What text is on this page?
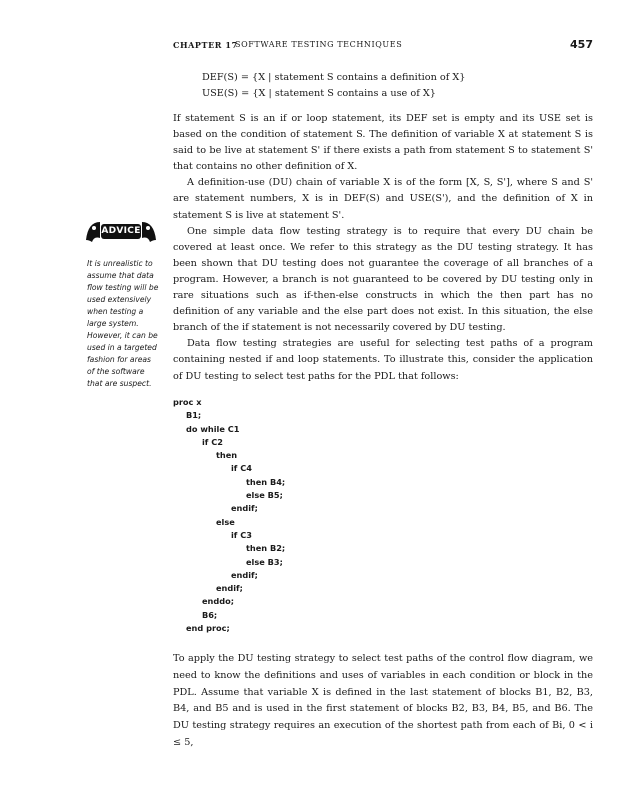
CHAPTER 17
SOFTWARE TESTING TECHNIQUES	457
DEF(S) = {X | statement S contains a definition of X}
USE(S) = {X | statement S contains a use of X}

If statement S is an if or loop statement, its DEF set is empty and its USE set is based on the condition of statement S. The definition of variable X at statement S is said to be live at statement S' if there exists a path from statement S to statement S' that contains no other definition of X.

A definition-use (DU) chain of variable X is of the form [X, S, S'], where S and S' are statement numbers, X is in DEF(S) and USE(S'), and the definition of X in statement S is live at statement S'.

One simple data flow testing strategy is to require that every DU chain be covered at least once. We refer to this strategy as the DU testing strategy. It has been shown that DU testing does not guarantee the coverage of all branches of a program. However, a branch is not guaranteed to be covered by DU testing only in rare situations such as if-then-else constructs in which the then part has no definition of any variable and the else part does not exist. In this situation, the else branch of the if statement is not necessarily covered by DU testing.

Data flow testing strategies are useful for selecting test paths of a program containing nested if and loop statements. To illustrate this, consider the application of DU testing to select test paths for the PDL that follows:

ADVICE
It is unrealistic to assume that data flow testing will be used extensively when testing a large system. However, it can be used in a targeted fashion for areas of the software that are suspect.
proc x
B1;
do while C1
if C2
then
if C4
then B4;
else B5;
endif;
else
if C3
then B2;
else B3;
endif;
endif;
enddo;
B6;
end proc;

To apply the DU testing strategy to select test paths of the control flow diagram, we need to know the definitions and uses of variables in each condition or block in the PDL. Assume that variable X is defined in the last statement of blocks B1, B2, B3, B4, and B5 and is used in the first statement of blocks B2, B3, B4, B5, and B6. The DU testing strategy requires an execution of the shortest path from each of Bi, 0 < i ≤ 5,
